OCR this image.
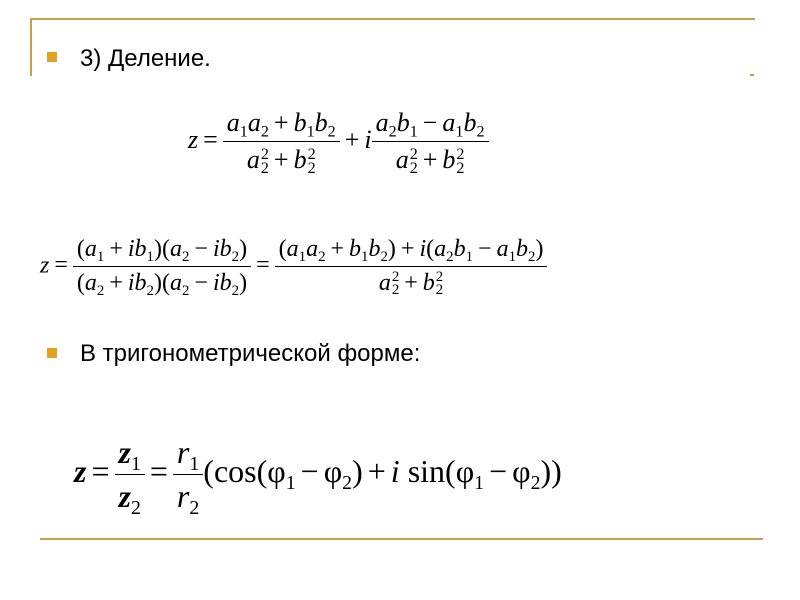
3) Деление.
$z = a_1a_2 + b_1b_2$
a 2
2 + b 2
2 + i $a_2b_1 - a_1b_2$
a 2
2 + b 2
2
$z = \frac{(a_1 + ib_1)(a_2 - ib_2)}{(a_2 + ib_2)(a_2 - ib_2)} = (a_1a_2 + b_1b_2) + i(a_2b_1 - a_1b_2)$
a 2
2 + b 2
2
В тригонометрической форме:
$z = \frac{z_1}{z_2} = \frac{r_1}{r_2} (\cos(\varphi_1 - \varphi_2) + i$ $\sin(\varphi_1 - \varphi_2)$)
